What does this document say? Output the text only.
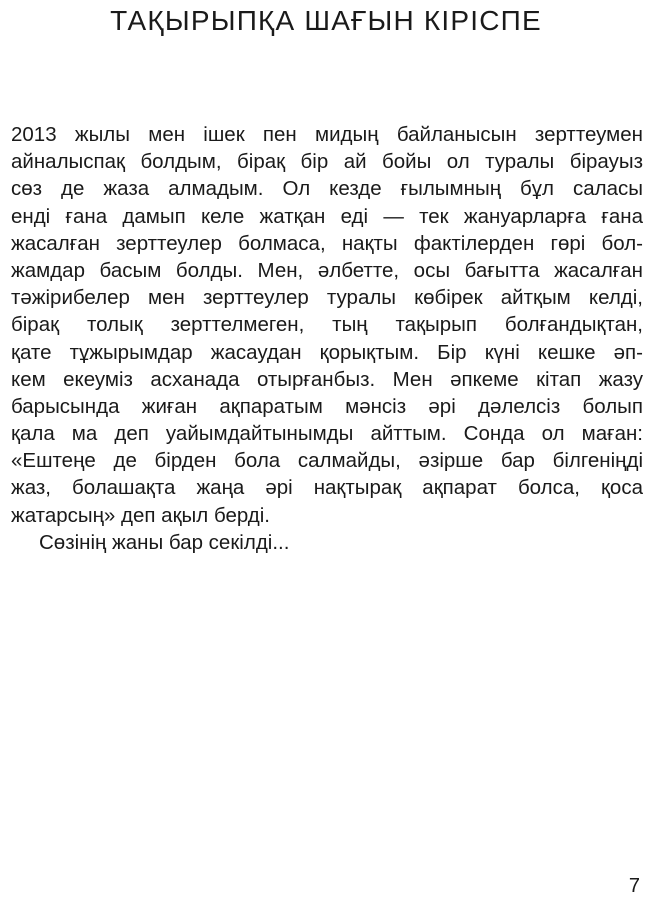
ТАҚЫРЫПҚА ШАҒЫН КІРІСПЕ
2013 жылы мен ішек пен мидың байланысын зерттеумен
айналыспақ болдым, бірақ бір ай бойы ол туралы бірауыз
сөз де жаза алмадым. Ол кезде ғылымның бұл саласы
енді ғана дамып келе жатқан еді — тек жануарларға ғана
жасалған зерттеулер болмаса, нақты фактілерден гөрі бол-
жамдар басым болды. Мен, әлбетте, осы бағытта жасалған
тәжірибелер мен зерттеулер туралы көбірек айтқым келді,
бірақ толық зерттелмеген, тың тақырып болғандықтан,
қате тұжырымдар жасаудан қорықтым. Бір күні кешке әп-
кем екеуміз асханада отырғанбыз. Мен әпкеме кітап жазу
барысында жиған ақпаратым мәнсіз әрі дәлелсіз болып
қала ма деп уайымдайтынымды айттым. Сонда ол маған:
«Ештеңе де бірден бола салмайды, әзірше бар білгеніңді
жаз, болашақта жаңа әрі нақтырақ ақпарат болса, қоса
жатарсың» деп ақыл берді.
Сөзінің жаны бар секілді...
7
